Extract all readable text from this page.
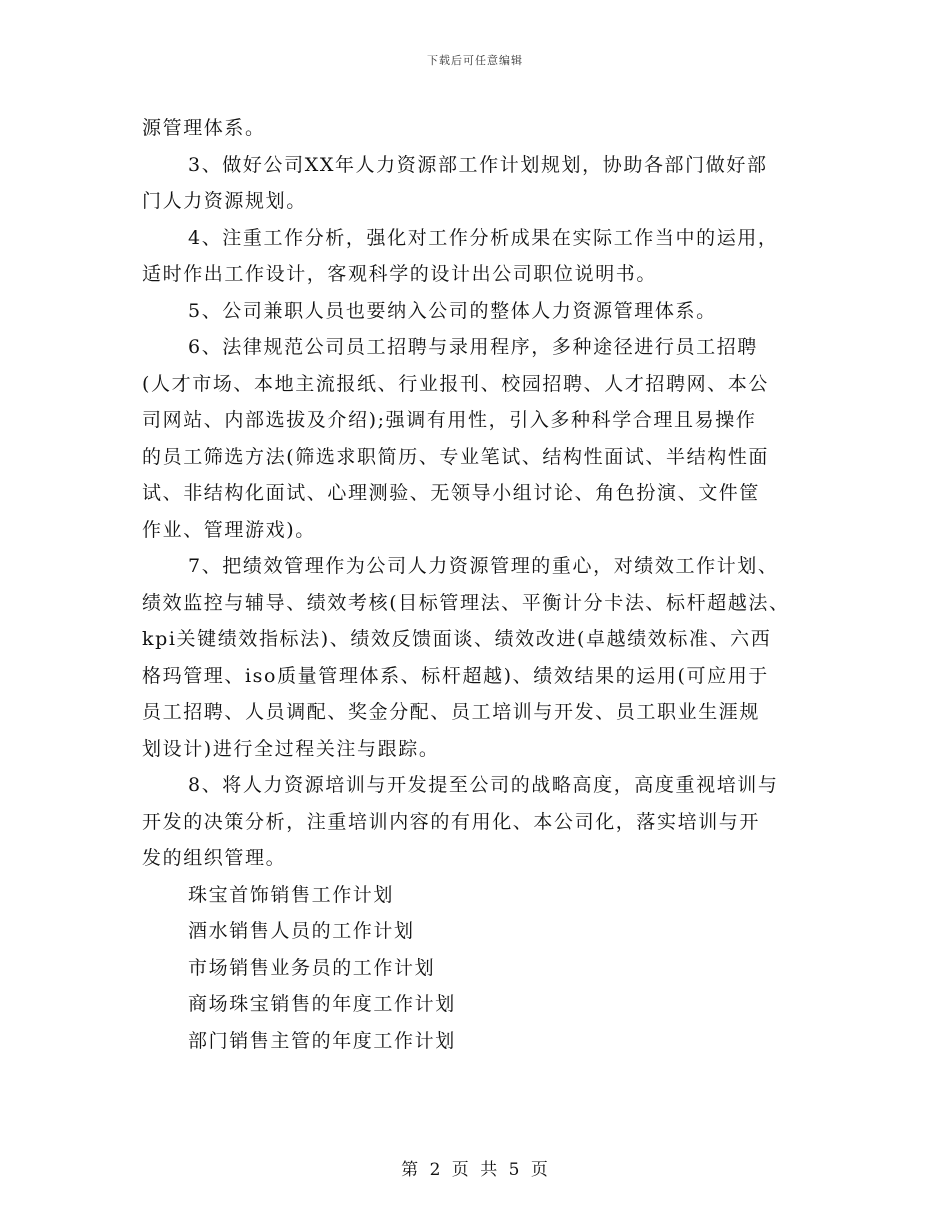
下载后可任意编辑
源管理体系。
3、做好公司XX年人力资源部工作计划规划，协助各部门做好部
门人力资源规划。
4、注重工作分析，强化对工作分析成果在实际工作当中的运用，
适时作出工作设计，客观科学的设计出公司职位说明书。
5、公司兼职人员也要纳入公司的整体人力资源管理体系。
6、法律规范公司员工招聘与录用程序，多种途径进行员工招聘
(人才市场、本地主流报纸、行业报刊、校园招聘、人才招聘网、本公
司网站、内部选拔及介绍);强调有用性，引入多种科学合理且易操作
的员工筛选方法(筛选求职简历、专业笔试、结构性面试、半结构性面
试、非结构化面试、心理测验、无领导小组讨论、角色扮演、文件筐
作业、管理游戏)。
7、把绩效管理作为公司人力资源管理的重心，对绩效工作计划、
绩效监控与辅导、绩效考核(目标管理法、平衡计分卡法、标杆超越法、
kpi关键绩效指标法)、绩效反馈面谈、绩效改进(卓越绩效标准、六西
格玛管理、iso质量管理体系、标杆超越)、绩效结果的运用(可应用于
员工招聘、人员调配、奖金分配、员工培训与开发、员工职业生涯规
划设计)进行全过程关注与跟踪。
8、将人力资源培训与开发提至公司的战略高度，高度重视培训与
开发的决策分析，注重培训内容的有用化、本公司化，落实培训与开
发的组织管理。
珠宝首饰销售工作计划
酒水销售人员的工作计划
市场销售业务员的工作计划
商场珠宝销售的年度工作计划
部门销售主管的年度工作计划
第 2 页 共 5 页
